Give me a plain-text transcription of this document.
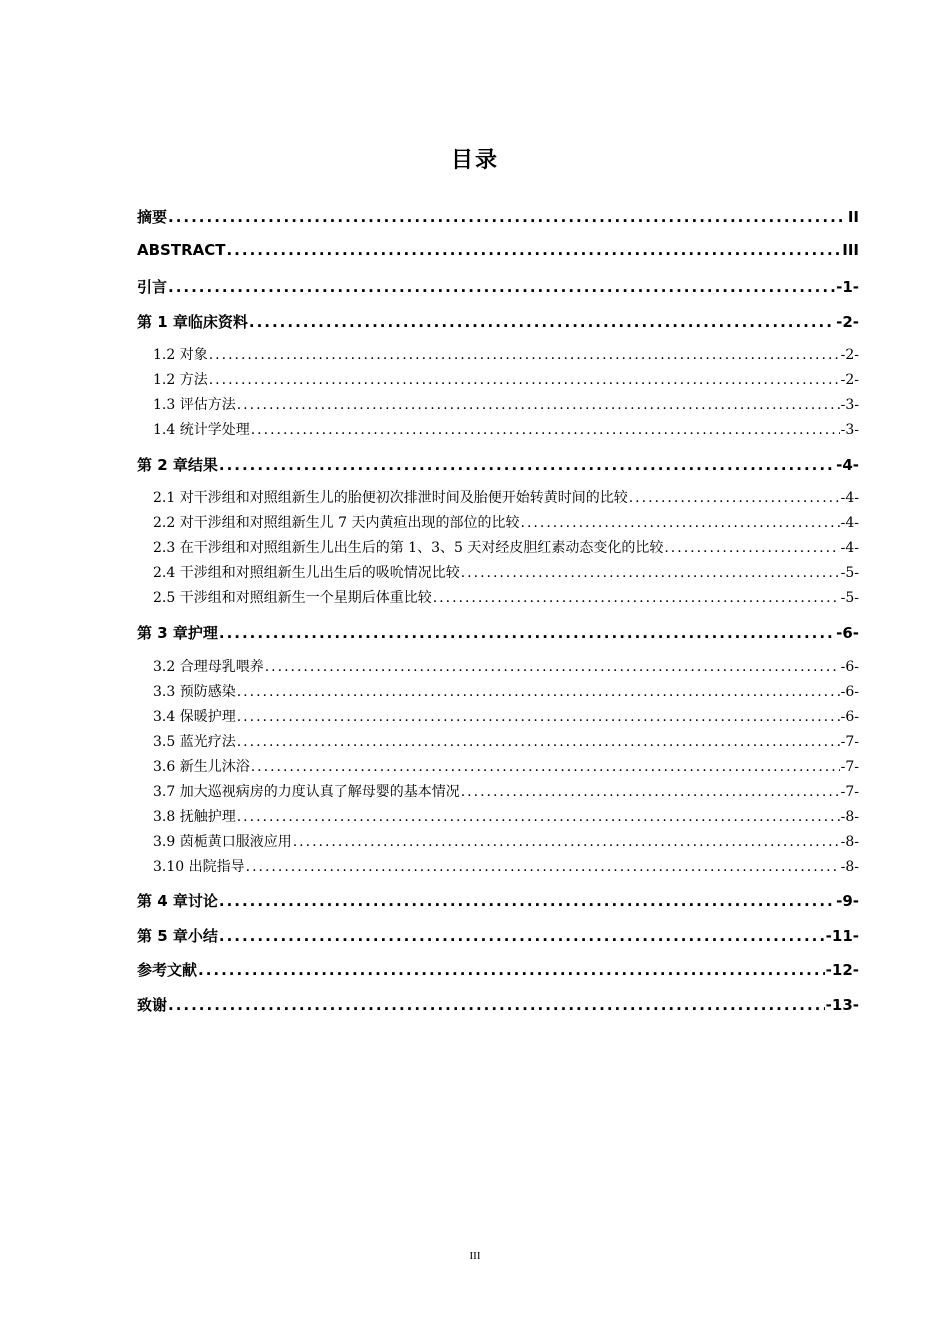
目录
摘要 .....	II
ABSTRACT .....	III
引言 .....	-1-
第 1 章临床资料 .....	-2-
1.2 对象 .....	-2-
1.2 方法 .....	-2-
1.3 评估方法 .....	-3-
1.4 统计学处理 .....	-3-
第 2 章结果 .....	-4-
2.1 对干涉组和对照组新生儿的胎便初次排泄时间及胎便开始转黄时间的比较 .....	-4-
2.2 对干涉组和对照组新生儿 7 天内黄疸出现的部位的比较 .....	-4-
2.3 在干涉组和对照组新生儿出生后的第 1、3、5 天对经皮胆红素动态变化的比较 .....	-4-
2.4 干涉组和对照组新生儿出生后的吸吮情况比较 .....	-5-
2.5 干涉组和对照组新生一个星期后体重比较 .....	-5-
第 3 章护理 .....	-6-
3.2 合理母乳喂养 .....	-6-
3.3 预防感染 .....	-6-
3.4 保暖护理 .....	-6-
3.5 蓝光疗法 .....	-7-
3.6 新生儿沐浴 .....	-7-
3.7 加大巡视病房的力度认真了解母婴的基本情况 .....	-7-
3.8 抚触护理 .....	-8-
3.9 茵栀黄口服液应用 .....	-8-
3.10 出院指导 .....	-8-
第 4 章讨论 .....	-9-
第 5 章小结 .....	-11-
参考文献 .....	-12-
致谢 .....	-13-
III
